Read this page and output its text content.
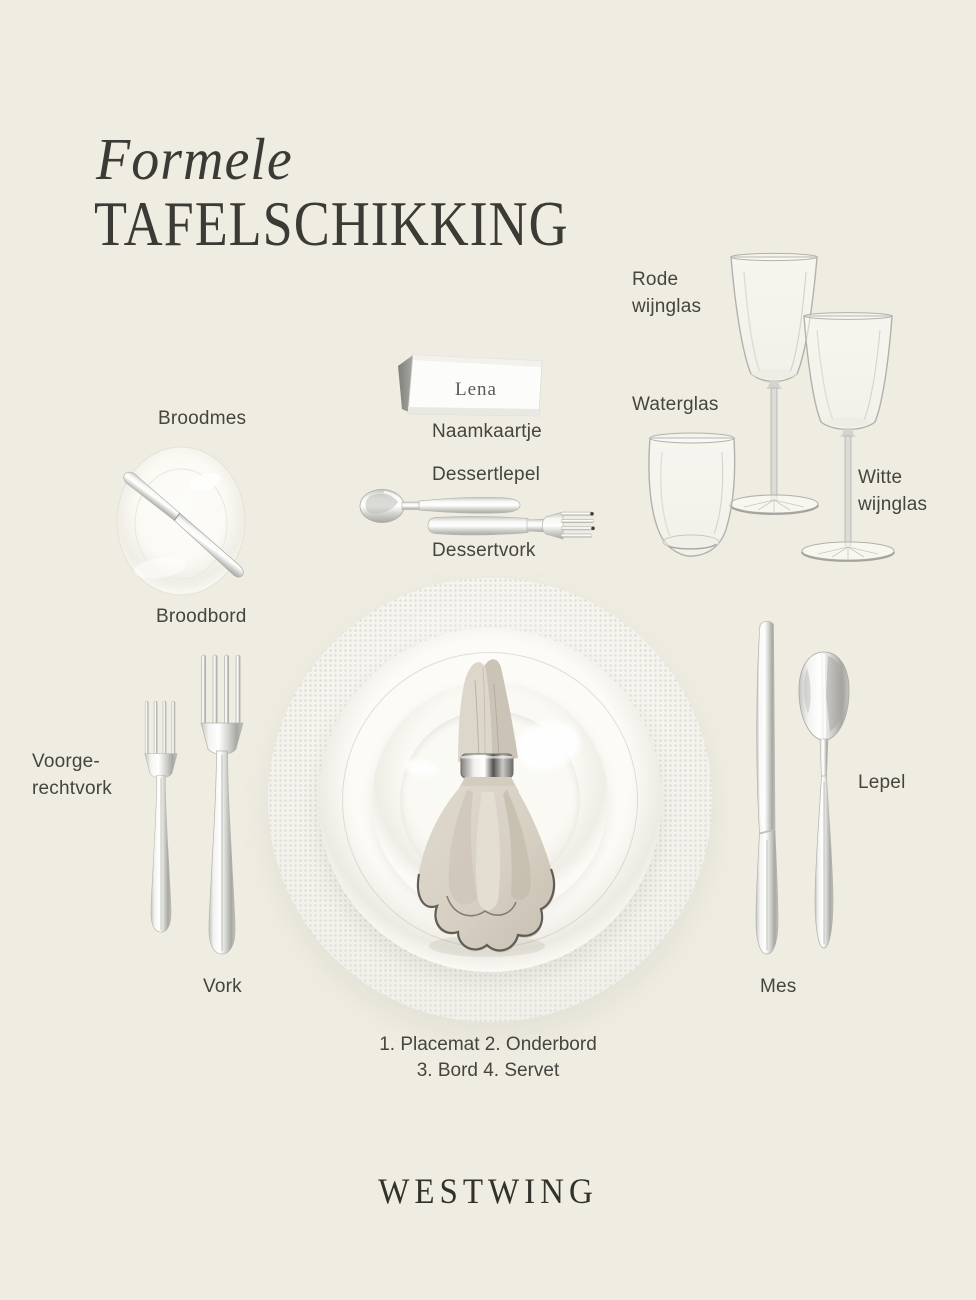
Formele
TAFELSCHIKKING
Rode
wijnglas
Waterglas
Witte
wijnglas
Lena
Naamkaartje
Broodmes
Broodbord
Dessertlepel
Dessertvork
Voorge-
rechtvork
Vork
Lepel
Mes
1. Placemat 2. Onderbord
3. Bord 4. Servet
WESTWING
